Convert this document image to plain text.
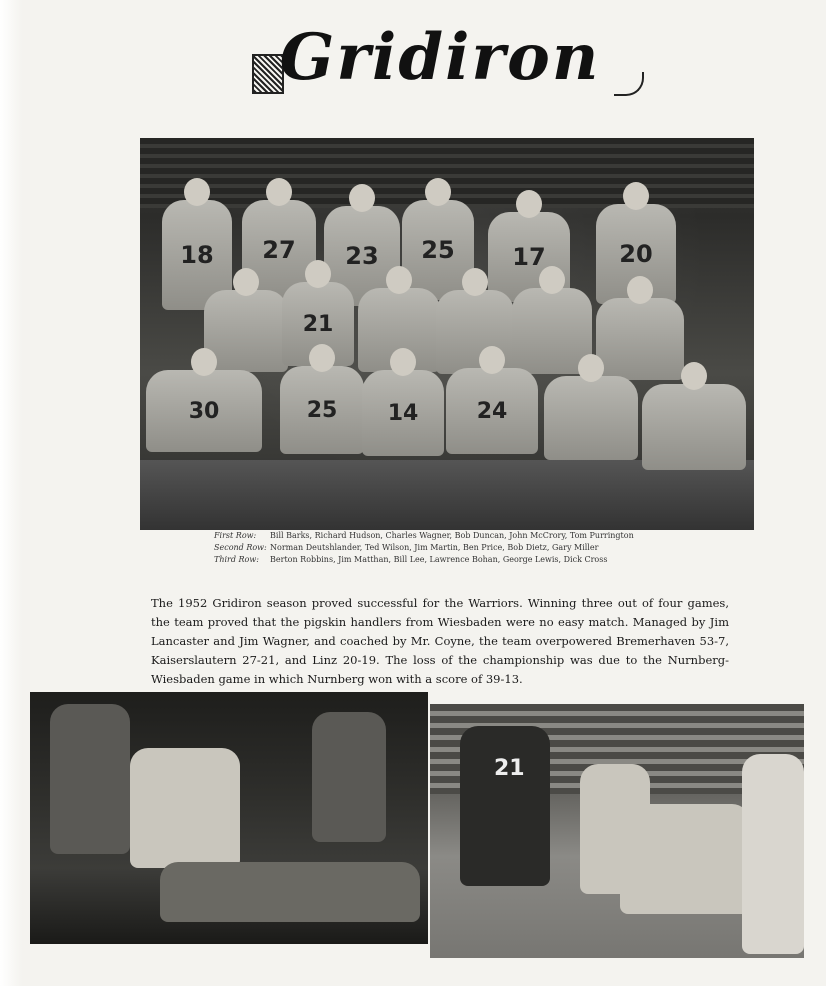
Gridiron
18 27 23 25 17	20
21
30	25 14	24
First Row:	Bill Barks, Richard Hudson, Charles Wagner, Bob Duncan, John McCrory, Tom Purrington
Second Row: Norman Deutshlander, Ted Wilson, Jim Martin, Ben Price, Bob Dietz, Gary Miller
Third Row:	Berton Robbins, Jim Matthan, Bill Lee, Lawrence Bohan, George Lewis, Dick Cross
The 1952 Gridiron season proved successful for the Warriors. Winning three out of four games, the team proved that the pigskin handlers from Wiesbaden were no easy match. Managed by Jim Lancaster and Jim Wagner, and coached by Mr. Coyne, the team overpowered Bremerhaven 53-7, Kaiserslautern 27-21, and Linz 20-19. The loss of the championship was due to the Nurnberg-Wiesbaden game in which Nurnberg won with a score of 39-13.
21
